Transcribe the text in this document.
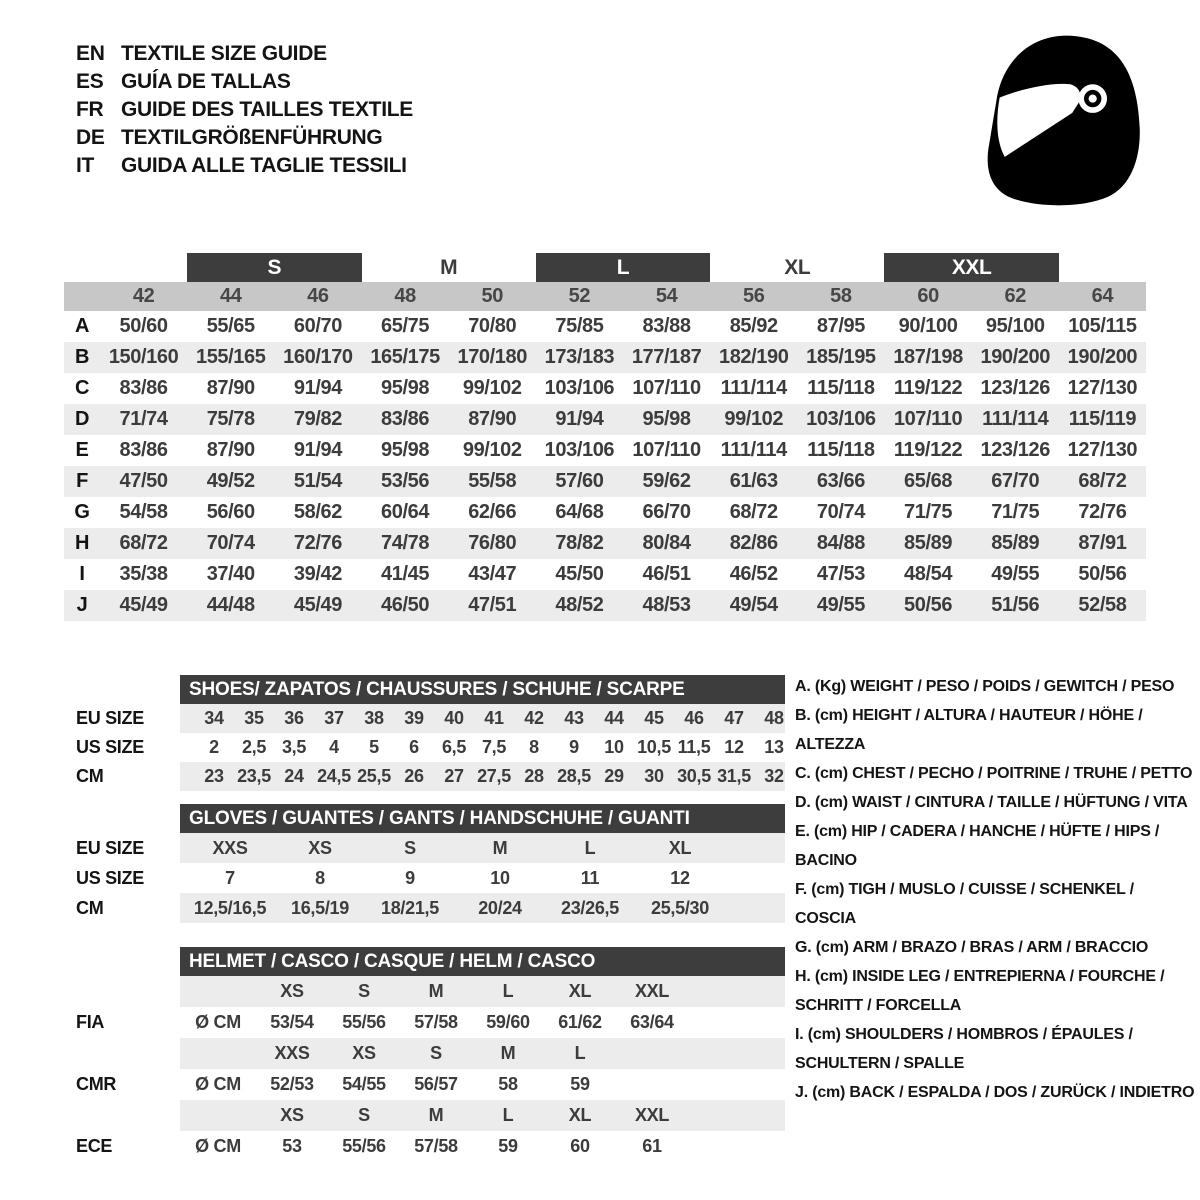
EN TEXTILE SIZE GUIDE
ES GUÍA DE TALLAS
FR GUIDE DES TAILLES TEXTILE
DE TEXTILGRÖßENFÜHRUNG
IT	GUIDA ALLE TAGLIE TESSILI
S	M	L	XL	XXL
42	44	46	48	50	52	54	56	58	60	62	64
A	50/60	55/65	60/70	65/75	70/80	75/85	83/88	85/92	87/95	90/100	95/100	105/115
B 150/160 155/165 160/170 165/175 170/180 173/183 177/187 182/190 185/195 187/198 190/200 190/200
C	83/86	87/90	91/94	95/98	99/102	103/106 107/110 111/114	115/118 119/122 123/126 127/130
D	71/74	75/78	79/82	83/86	87/90	91/94	95/98	99/102	103/106 107/110 111/114	115/119
E	83/86	87/90	91/94	95/98	99/102	103/106 107/110 111/114	115/118 119/122 123/126 127/130
F	47/50	49/52	51/54	53/56	55/58	57/60	59/62	61/63	63/66	65/68	67/70	68/72
G	54/58	56/60	58/62	60/64	62/66	64/68	66/70	68/72	70/74	71/75	71/75	72/76
H	68/72	70/74	72/76	74/78	76/80	78/82	80/84	82/86	84/88	85/89	85/89	87/91
I	35/38	37/40	39/42	41/45	43/47	45/50	46/51	46/52	47/53	48/54	49/55	50/56
J	45/49	44/48	45/49	46/50	47/51	48/52	48/53	49/54	49/55	50/56	51/56	52/58
SHOES/ ZAPATOS / CHAUSSURES / SCHUHE / SCARPE
EU SIZE	34	35	36	37	38	39	40	41	42	43	44	45	46	47	48
US SIZE	2	2,5 3,5	4	5	6	6,5 7,5	8	9	10 10,5 11,5 12	13
CM	23 23,5 24 24,5 25,5 26	27 27,5 28 28,5 29	30 30,5 31,5 32
GLOVES / GUANTES / GANTS / HANDSCHUHE / GUANTI
EU SIZE	XXS	XS	S	M	L	XL
US SIZE	7	8	9	10	11	12
CM	12,5/16,5	16,5/19	18/21,5	20/24	23/26,5	25,5/30
HELMET / CASCO / CASQUE / HELM / CASCO
XS	S	M	L	XL	XXL
FIA	Ø CM	53/54	55/56	57/58	59/60	61/62	63/64
XXS	XS	S	M	L
CMR	Ø CM	52/53	54/55	56/57	58	59
XS	S	M	L	XL	XXL
ECE	Ø CM	53	55/56	57/58	59	60	61
A. (Kg) WEIGHT / PESO / POIDS / GEWITCH / PESO
B. (cm) HEIGHT / ALTURA / HAUTEUR / HÖHE / ALTEZZA
C. (cm) CHEST / PECHO / POITRINE / TRUHE / PETTO
D. (cm) WAIST / CINTURA / TAILLE / HÜFTUNG / VITA
E. (cm) HIP / CADERA / HANCHE / HÜFTE / HIPS / BACINO
F. (cm) TIGH / MUSLO / CUISSE / SCHENKEL / COSCIA
G. (cm) ARM / BRAZO / BRAS / ARM / BRACCIO
H. (cm) INSIDE LEG / ENTREPIERNA / FOURCHE / SCHRITT / FORCELLA
I. (cm) SHOULDERS / HOMBROS / ÉPAULES / SCHULTERN / SPALLE
J. (cm) BACK / ESPALDA / DOS / ZURÜCK / INDIETRO
